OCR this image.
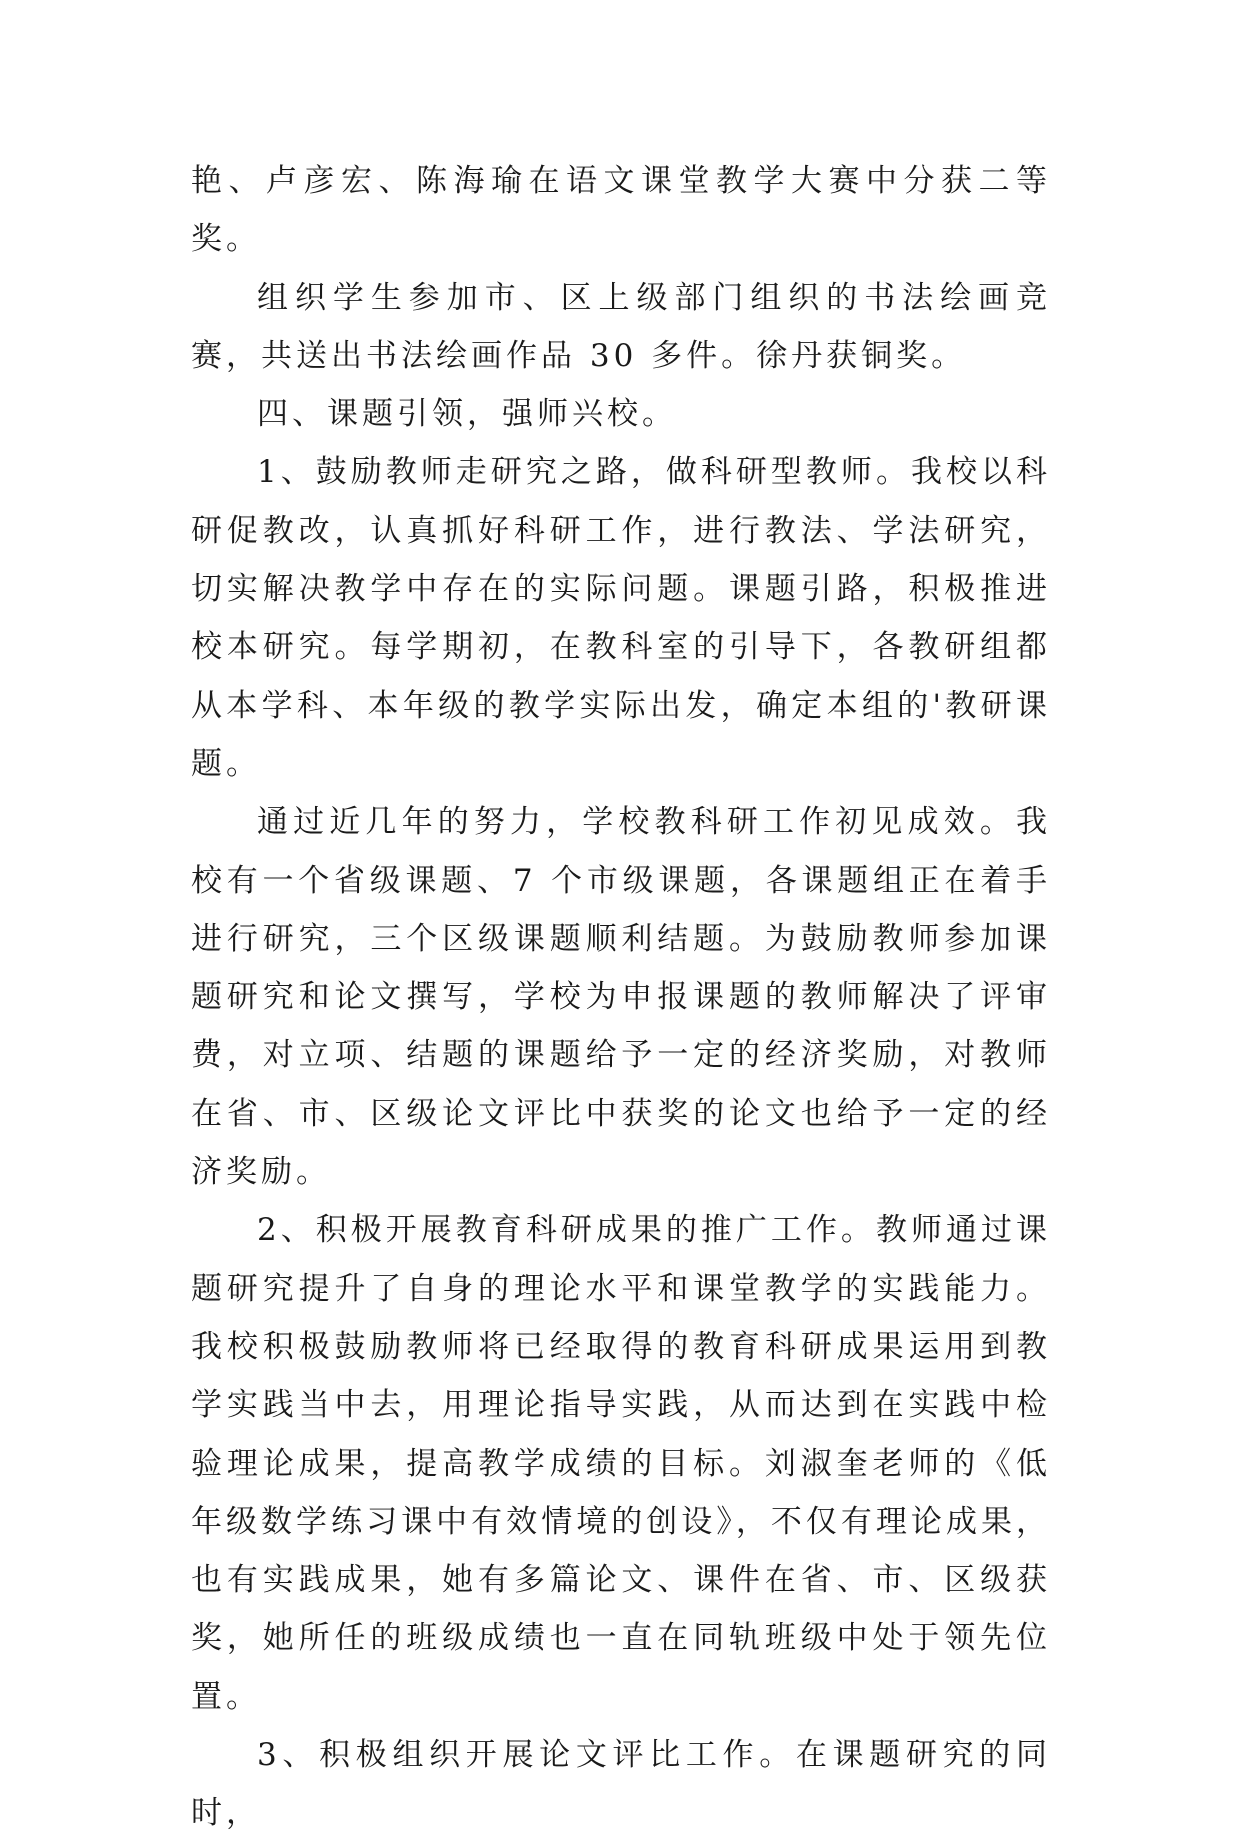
艳、卢彦宏、陈海瑜在语文课堂教学大赛中分获二等奖。

组织学生参加市、区上级部门组织的书法绘画竞赛，共送出书法绘画作品 30 多件。徐丹获铜奖。

四、课题引领，强师兴校。

1、鼓励教师走研究之路，做科研型教师。我校以科研促教改，认真抓好科研工作，进行教法、学法研究，切实解决教学中存在的实际问题。课题引路，积极推进校本研究。每学期初，在教科室的引导下，各教研组都从本学科、本年级的教学实际出发，确定本组的'教研课题。

通过近几年的努力，学校教科研工作初见成效。我校有一个省级课题、7 个市级课题，各课题组正在着手进行研究，三个区级课题顺利结题。为鼓励教师参加课题研究和论文撰写，学校为申报课题的教师解决了评审费，对立项、结题的课题给予一定的经济奖励，对教师在省、市、区级论文评比中获奖的论文也给予一定的经济奖励。

2、积极开展教育科研成果的推广工作。教师通过课题研究提升了自身的理论水平和课堂教学的实践能力。我校积极鼓励教师将已经取得的教育科研成果运用到教学实践当中去，用理论指导实践，从而达到在实践中检验理论成果，提高教学成绩的目标。刘淑奎老师的《低年级数学练习课中有效情境的创设》，不仅有理论成果，也有实践成果，她有多篇论文、课件在省、市、区级获奖，她所任的班级成绩也一直在同轨班级中处于领先位置。

3、积极组织开展论文评比工作。在课题研究的同时，
